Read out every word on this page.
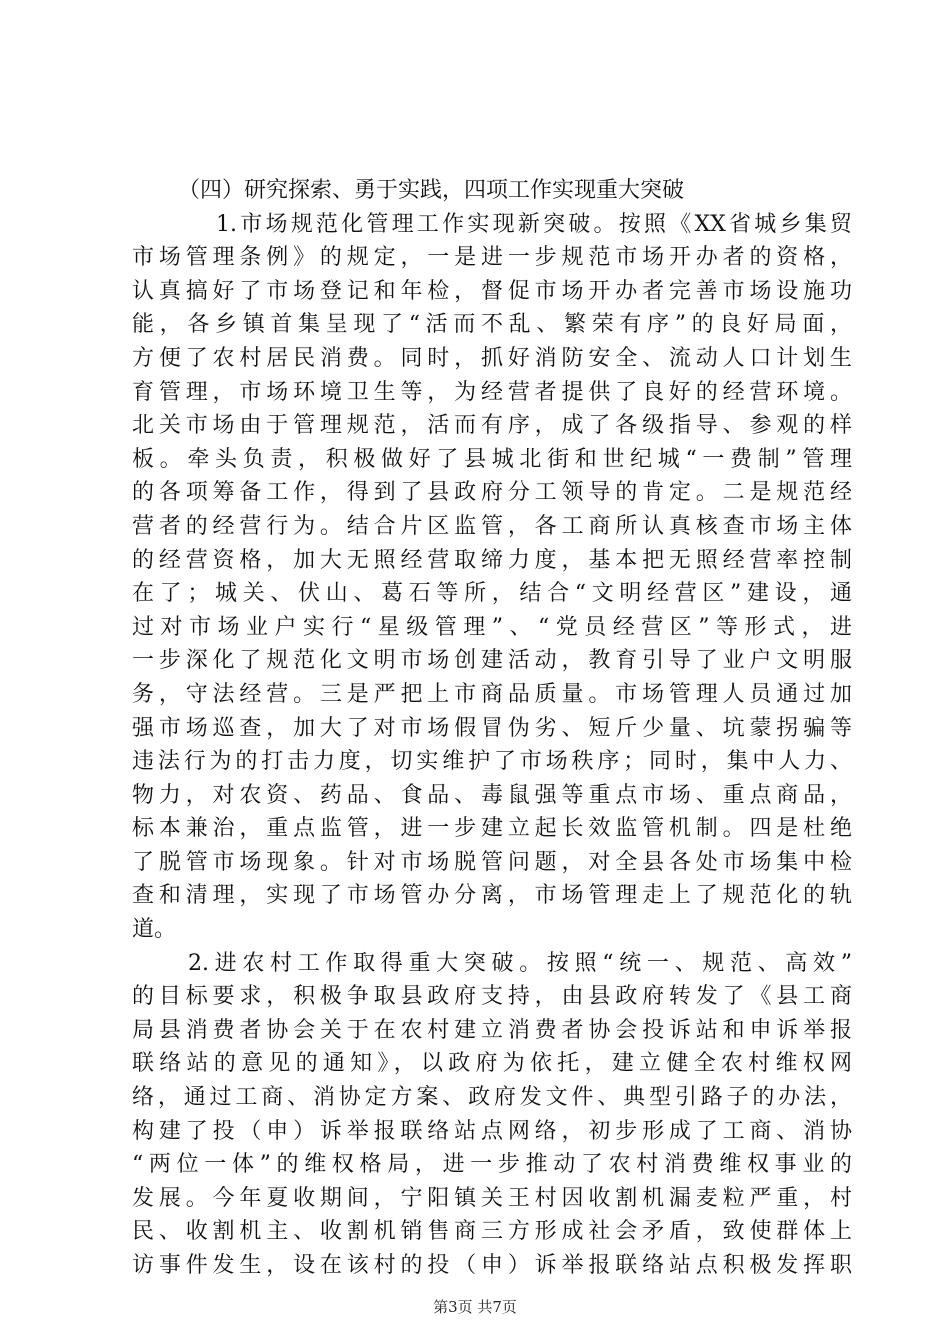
（四）研究探索、勇于实践，四项工作实现重大突破
1.市场规范化管理工作实现新突破。按照《XX省城乡集贸
市场管理条例》的规定，一是进一步规范市场开办者的资格，
认真搞好了市场登记和年检，督促市场开办者完善市场设施功
能，各乡镇首集呈现了“活而不乱、繁荣有序”的良好局面，
方便了农村居民消费。同时，抓好消防安全、流动人口计划生
育管理，市场环境卫生等，为经营者提供了良好的经营环境。
北关市场由于管理规范，活而有序，成了各级指导、参观的样
板。牵头负责，积极做好了县城北街和世纪城“一费制”管理
的各项筹备工作，得到了县政府分工领导的肯定。二是规范经
营者的经营行为。结合片区监管，各工商所认真核查市场主体
的经营资格，加大无照经营取缔力度，基本把无照经营率控制
在了；城关、伏山、葛石等所，结合“文明经营区”建设，通
过对市场业户实行“星级管理”、“党员经营区”等形式，进
一步深化了规范化文明市场创建活动，教育引导了业户文明服
务，守法经营。三是严把上市商品质量。市场管理人员通过加
强市场巡查，加大了对市场假冒伪劣、短斤少量、坑蒙拐骗等
违法行为的打击力度，切实维护了市场秩序；同时，集中人力、
物力，对农资、药品、食品、毒鼠强等重点市场、重点商品，
标本兼治，重点监管，进一步建立起长效监管机制。四是杜绝
了脱管市场现象。针对市场脱管问题，对全县各处市场集中检
查和清理，实现了市场管办分离，市场管理走上了规范化的轨
道。
2.进农村工作取得重大突破。按照“统一、规范、高效”
的目标要求，积极争取县政府支持，由县政府转发了《县工商
局县消费者协会关于在农村建立消费者协会投诉站和申诉举报
联络站的意见的通知》，以政府为依托，建立健全农村维权网
络，通过工商、消协定方案、政府发文件、典型引路子的办法，
构建了投（申）诉举报联络站点网络，初步形成了工商、消协
“两位一体”的维权格局，进一步推动了农村消费维权事业的
发展。今年夏收期间，宁阳镇关王村因收割机漏麦粒严重，村
民、收割机主、收割机销售商三方形成社会矛盾，致使群体上
访事件发生，设在该村的投（申）诉举报联络站点积极发挥职
第3页 共7页
